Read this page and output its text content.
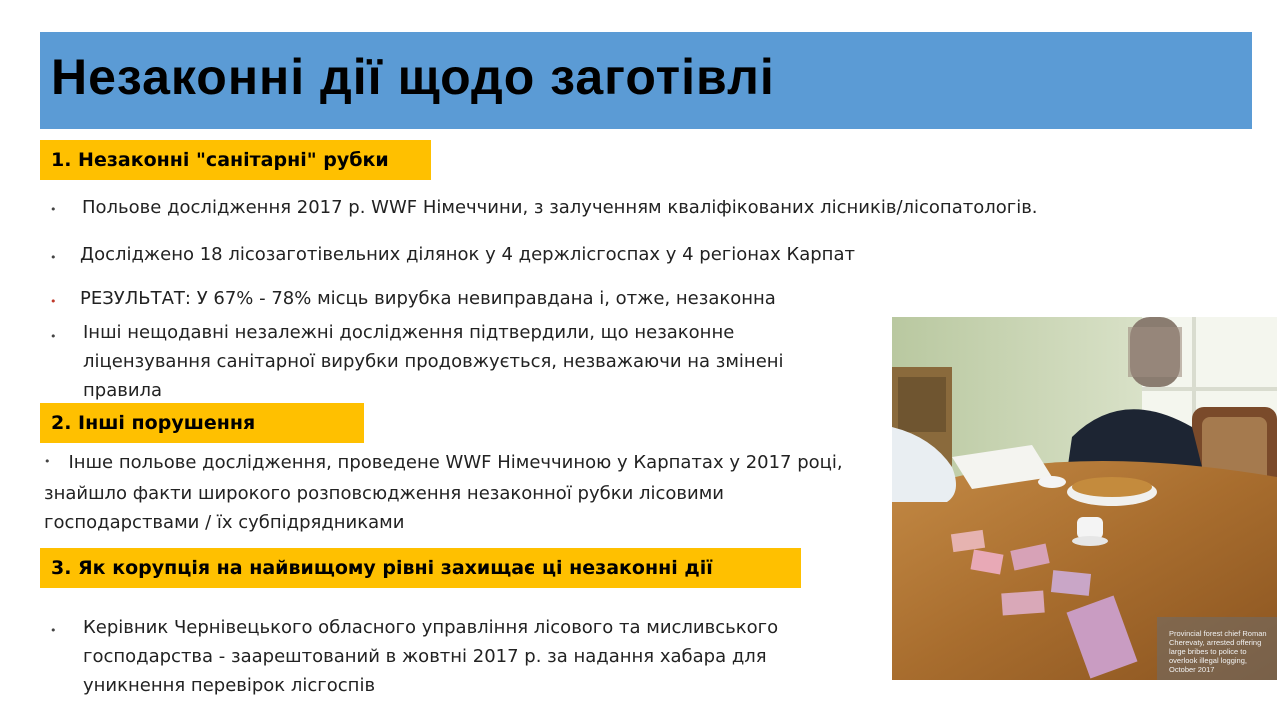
Незаконні дії щодо заготівлі
1. Незаконні "санітарні" рубки
• Польове дослідження 2017 р. WWF Німеччини, з залученням кваліфікованих лісників/лісопатологів.
• Досліджено 18 лісозаготівельних ділянок у 4 держлісгоспах у 4 регіонах Карпат
• РЕЗУЛЬТАТ: У 67% - 78% місць вирубка невиправдана і, отже, незаконна
• Інші нещодавні незалежні дослідження підтвердили, що незаконне ліцензування санітарної вирубки продовжується, незважаючи на змінені правила
2. Інші порушення
• Інше польове дослідження, проведене WWF Німеччиною у Карпатах у 2017 році, знайшло факти широкого розповсюдження незаконної рубки лісовими господарствами / їх субпідрядниками
3. Як корупція на найвищому рівні захищає ці незаконні дії
• Керівник Чернівецького обласного управління лісового та мисливського господарства - заарештований в жовтні 2017 р. за надання хабара для уникнення перевірок лісгоспів
Provincial forest chief Roman Cherevaty, arrested offering large bribes to police to overlook illegal logging, October 2017
